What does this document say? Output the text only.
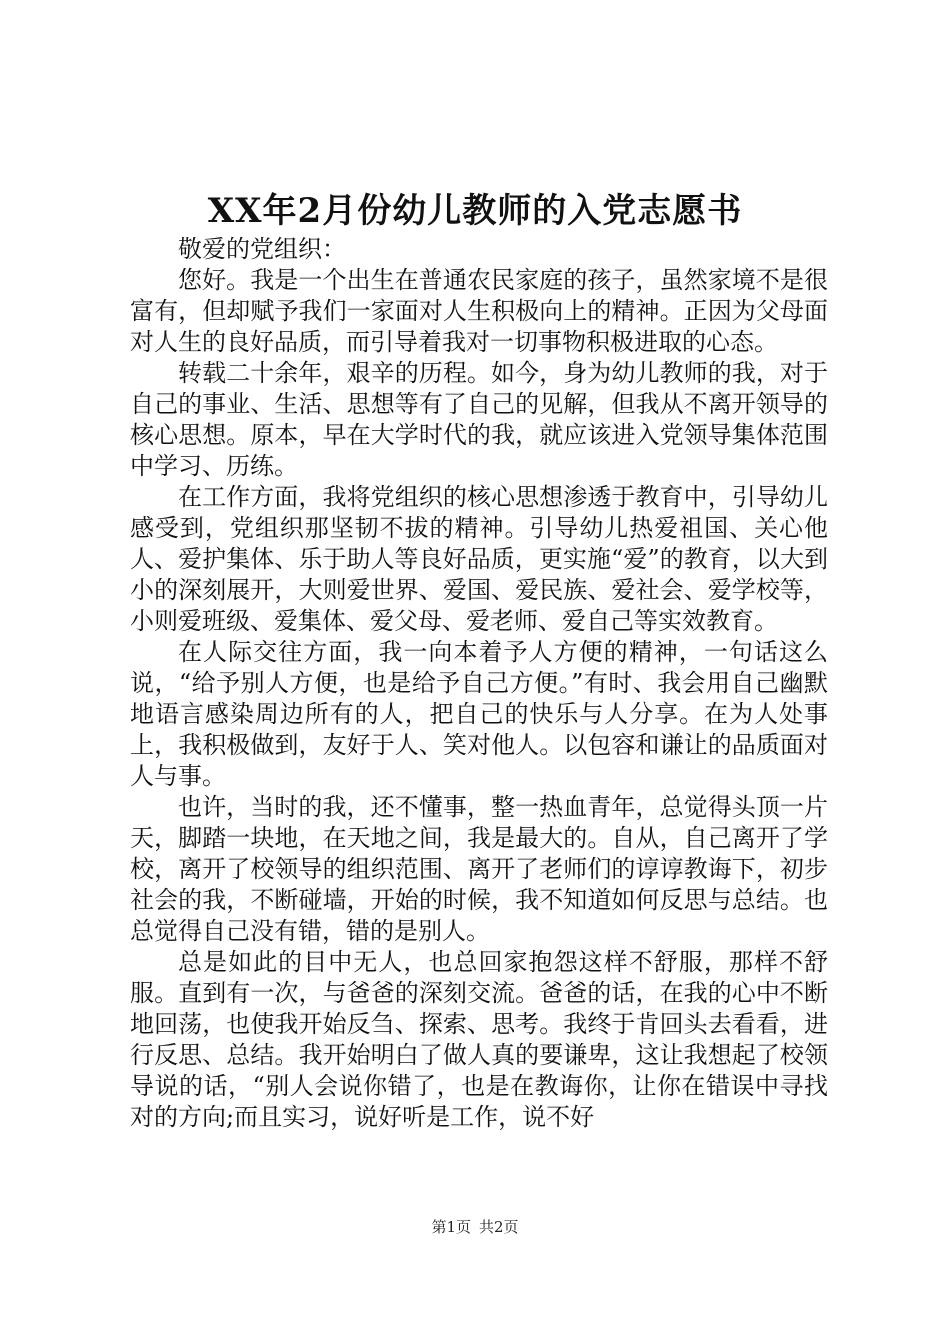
XX年2月份幼儿教师的入党志愿书

敬爱的党组织：

您好。我是一个出生在普通农民家庭的孩子，虽然家境不是很富有，但却赋予我们一家面对人生积极向上的精神。正因为父母面对人生的良好品质，而引导着我对一切事物积极进取的心态。

转载二十余年，艰辛的历程。如今，身为幼儿教师的我，对于自己的事业、生活、思想等有了自己的见解，但我从不离开领导的核心思想。原本，早在大学时代的我，就应该进入党领导集体范围中学习、历练。

在工作方面，我将党组织的核心思想渗透于教育中，引导幼儿感受到，党组织那坚韧不拔的精神。引导幼儿热爱祖国、关心他人、爱护集体、乐于助人等良好品质，更实施“爱”的教育，以大到小的深刻展开，大则爱世界、爱国、爱民族、爱社会、爱学校等，小则爱班级、爱集体、爱父母、爱老师、爱自己等实效教育。

在人际交往方面，我一向本着予人方便的精神，一句话这么说，“给予别人方便，也是给予自己方便。”有时、我会用自己幽默地语言感染周边所有的人，把自己的快乐与人分享。在为人处事上，我积极做到，友好于人、笑对他人。以包容和谦让的品质面对人与事。

也许，当时的我，还不懂事，整一热血青年，总觉得头顶一片天，脚踏一块地，在天地之间，我是最大的。自从，自己离开了学校，离开了校领导的组织范围、离开了老师们的谆谆教诲下，初步社会的我，不断碰墙，开始的时候，我不知道如何反思与总结。也总觉得自己没有错，错的是别人。

总是如此的目中无人，也总回家抱怨这样不舒服，那样不舒服。直到有一次，与爸爸的深刻交流。爸爸的话，在我的心中不断地回荡，也使我开始反刍、探索、思考。我终于肯回头去看看，进行反思、总结。我开始明白了做人真的要谦卑，这让我想起了校领导说的话，“别人会说你错了，也是在教诲你，让你在错误中寻找对的方向;而且实习，说好听是工作，说不好

第1页 共2页
